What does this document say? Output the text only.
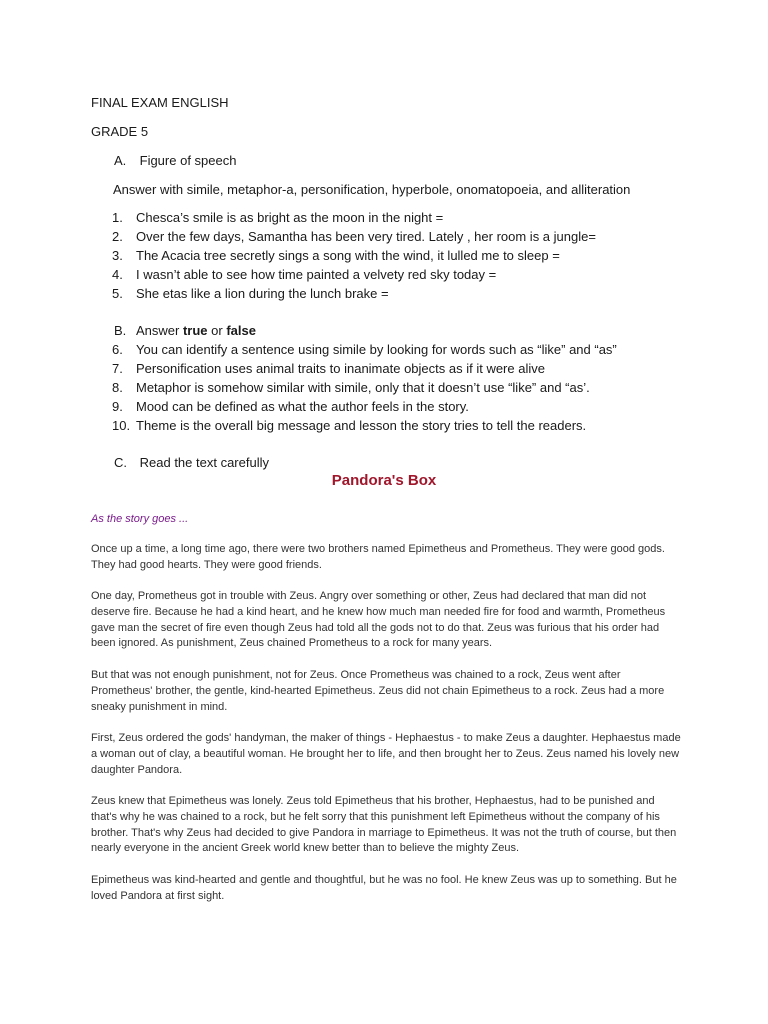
FINAL EXAM ENGLISH
GRADE 5
A. Figure of speech
Answer with simile, metaphor-a, personification, hyperbole, onomatopoeia, and alliteration
1. Chesca’s smile is as bright as the moon in the night =
2. Over the few days, Samantha has been very tired. Lately , her room is a jungle=
3. The Acacia tree secretly sings a song with the wind, it lulled me to sleep =
4. I wasn’t able to see how time painted a velvety red sky today =
5. She etas like a lion during the lunch brake =
B. Answer true or false
6. You can identify a sentence using simile by looking for words such as “like” and “as”
7. Personification uses animal traits to inanimate objects as if it were alive
8. Metaphor is somehow similar with simile, only that it doesn’t use “like” and “as’.
9. Mood can be defined as what the author feels in the story.
10. Theme is the overall big message and lesson the story tries to tell the readers.
C. Read the text carefully
Pandora's Box
As the story goes ...

Once up a time, a long time ago, there were two brothers named Epimetheus and Prometheus. They were good gods. They had good hearts. They were good friends.

One day, Prometheus got in trouble with Zeus. Angry over something or other, Zeus had declared that man did not deserve fire. Because he had a kind heart, and he knew how much man needed fire for food and warmth, Prometheus gave man the secret of fire even though Zeus had told all the gods not to do that. Zeus was furious that his order had been ignored. As punishment, Zeus chained Prometheus to a rock for many years.

But that was not enough punishment, not for Zeus. Once Prometheus was chained to a rock, Zeus went after Prometheus' brother, the gentle, kind-hearted Epimetheus. Zeus did not chain Epimetheus to a rock. Zeus had a more sneaky punishment in mind.

First, Zeus ordered the gods' handyman, the maker of things - Hephaestus - to make Zeus a daughter. Hephaestus made a woman out of clay, a beautiful woman. He brought her to life, and then brought her to Zeus. Zeus named his lovely new daughter Pandora.

Zeus knew that Epimetheus was lonely. Zeus told Epimetheus that his brother, Hephaestus, had to be punished and that's why he was chained to a rock, but he felt sorry that this punishment left Epimetheus without the company of his brother. That's why Zeus had decided to give Pandora in marriage to Epimetheus. It was not the truth of course, but then nearly everyone in the ancient Greek world knew better than to believe the mighty Zeus.

Epimetheus was kind-hearted and gentle and thoughtful, but he was no fool. He knew Zeus was up to something. But he loved Pandora at first sight.
